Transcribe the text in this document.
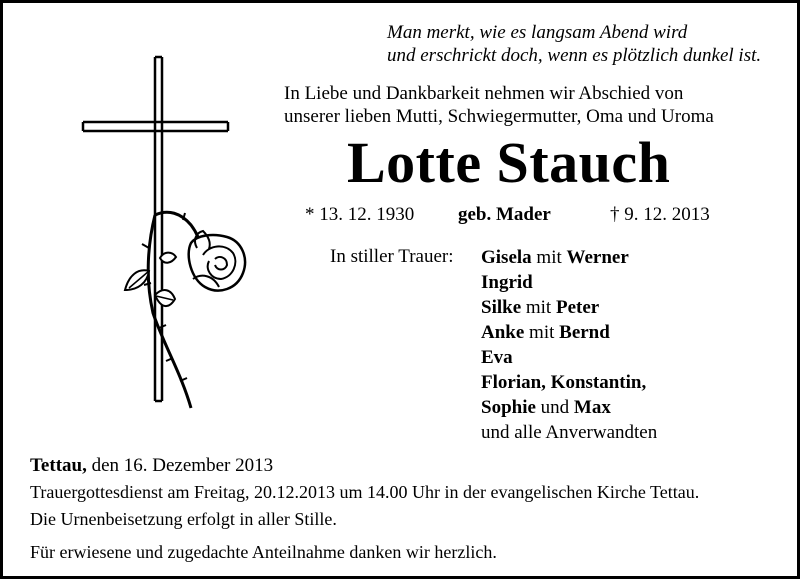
Man merkt, wie es langsam Abend wird
und erschrickt doch, wenn es plötzlich dunkel ist.
In Liebe und Dankbarkeit nehmen wir Abschied von
unserer lieben Mutti, Schwiegermutter, Oma und Uroma
Lotte Stauch
* 13. 12. 1930 geb. Mader	† 9. 12. 2013
In stiller Trauer: Gisela mit Werner
Ingrid
Silke mit Peter
Anke mit Bernd
Eva
Florian, Konstantin,
Sophie und Max
und alle Anverwandten
Tettau, den 16. Dezember 2013
Trauergottesdienst am Freitag, 20.12.2013 um 14.00 Uhr in der evangelischen Kirche Tettau.
Die Urnenbeisetzung erfolgt in aller Stille.
Für erwiesene und zugedachte Anteilnahme danken wir herzlich.
